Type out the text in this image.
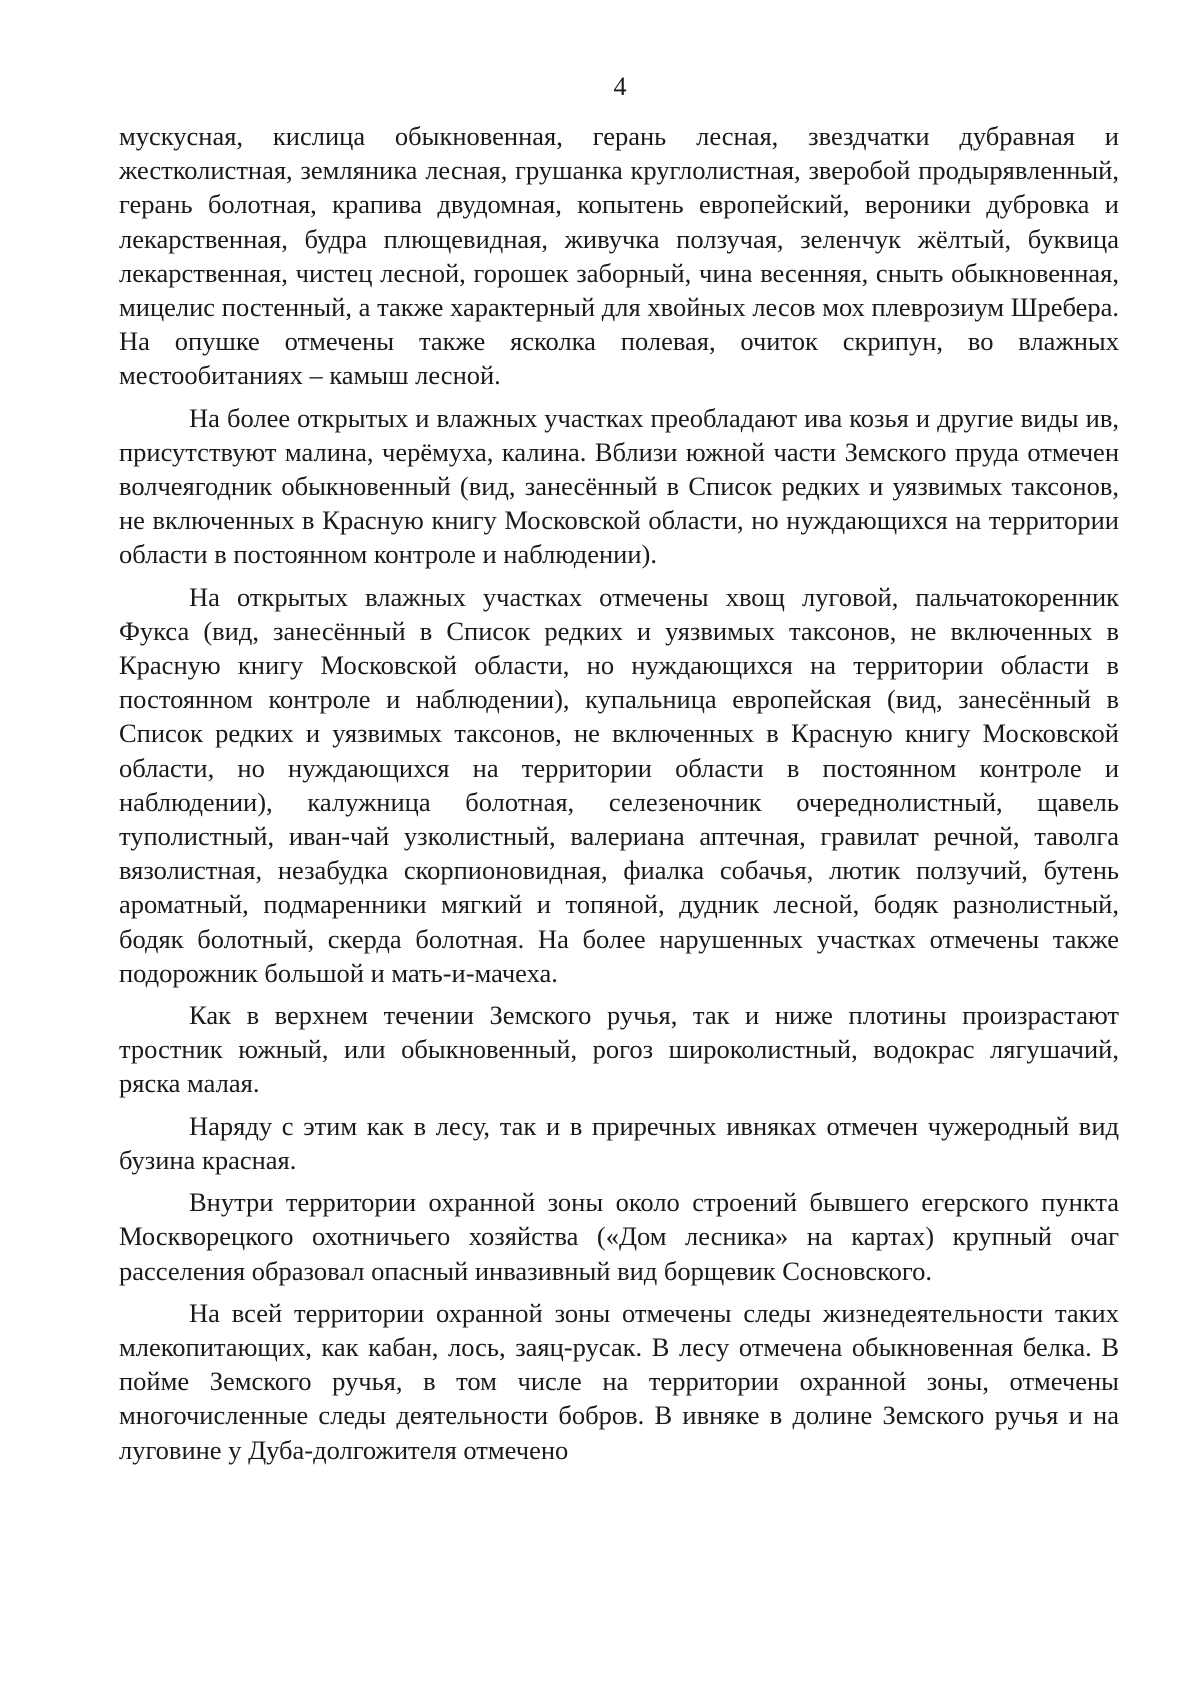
4

мускусная, кислица обыкновенная, герань лесная, звездчатки дубравная и жестколистная, земляника лесная, грушанка круглолистная, зверобой продырявленный, герань болотная, крапива двудомная, копытень европейский, вероники дубровка и лекарственная, будра плющевидная, живучка ползучая, зеленчук жёлтый, буквица лекарственная, чистец лесной, горошек заборный, чина весенняя, сныть обыкновенная, мицелис постенный, а также характерный для хвойных лесов мох плеврозиум Шребера. На опушке отмечены также ясколка полевая, очиток скрипун, во влажных местообитаниях – камыш лесной.

На более открытых и влажных участках преобладают ива козья и другие виды ив, присутствуют малина, черёмуха, калина. Вблизи южной части Земского пруда отмечен волчеягодник обыкновенный (вид, занесённый в Список редких и уязвимых таксонов, не включенных в Красную книгу Московской области, но нуждающихся на территории области в постоянном контроле и наблюдении).

На открытых влажных участках отмечены хвощ луговой, пальчатокоренник Фукса (вид, занесённый в Список редких и уязвимых таксонов, не включенных в Красную книгу Московской области, но нуждающихся на территории области в постоянном контроле и наблюдении), купальница европейская (вид, занесённый в Список редких и уязвимых таксонов, не включенных в Красную книгу Московской области, но нуждающихся на территории области в постоянном контроле и наблюдении), калужница болотная, селезеночник очереднолистный, щавель туполистный, иван-чай узколистный, валериана аптечная, гравилат речной, таволга вязолистная, незабудка скорпионовидная, фиалка собачья, лютик ползучий, бутень ароматный, подмаренники мягкий и топяной, дудник лесной, бодяк разнолистный, бодяк болотный, скерда болотная. На более нарушенных участках отмечены также подорожник большой и мать-и-мачеха.

Как в верхнем течении Земского ручья, так и ниже плотины произрастают тростник южный, или обыкновенный, рогоз широколистный, водокрас лягушачий, ряска малая.

Наряду с этим как в лесу, так и в приречных ивняках отмечен чужеродный вид бузина красная.

Внутри территории охранной зоны около строений бывшего егерского пункта Москворецкого охотничьего хозяйства («Дом лесника» на картах) крупный очаг расселения образовал опасный инвазивный вид борщевик Сосновского.

На всей территории охранной зоны отмечены следы жизнедеятельности таких млекопитающих, как кабан, лось, заяц-русак. В лесу отмечена обыкновенная белка. В пойме Земского ручья, в том числе на территории охранной зоны, отмечены многочисленные следы деятельности бобров. В ивняке в долине Земского ручья и на луговине у Дуба-долгожителя отмечено
